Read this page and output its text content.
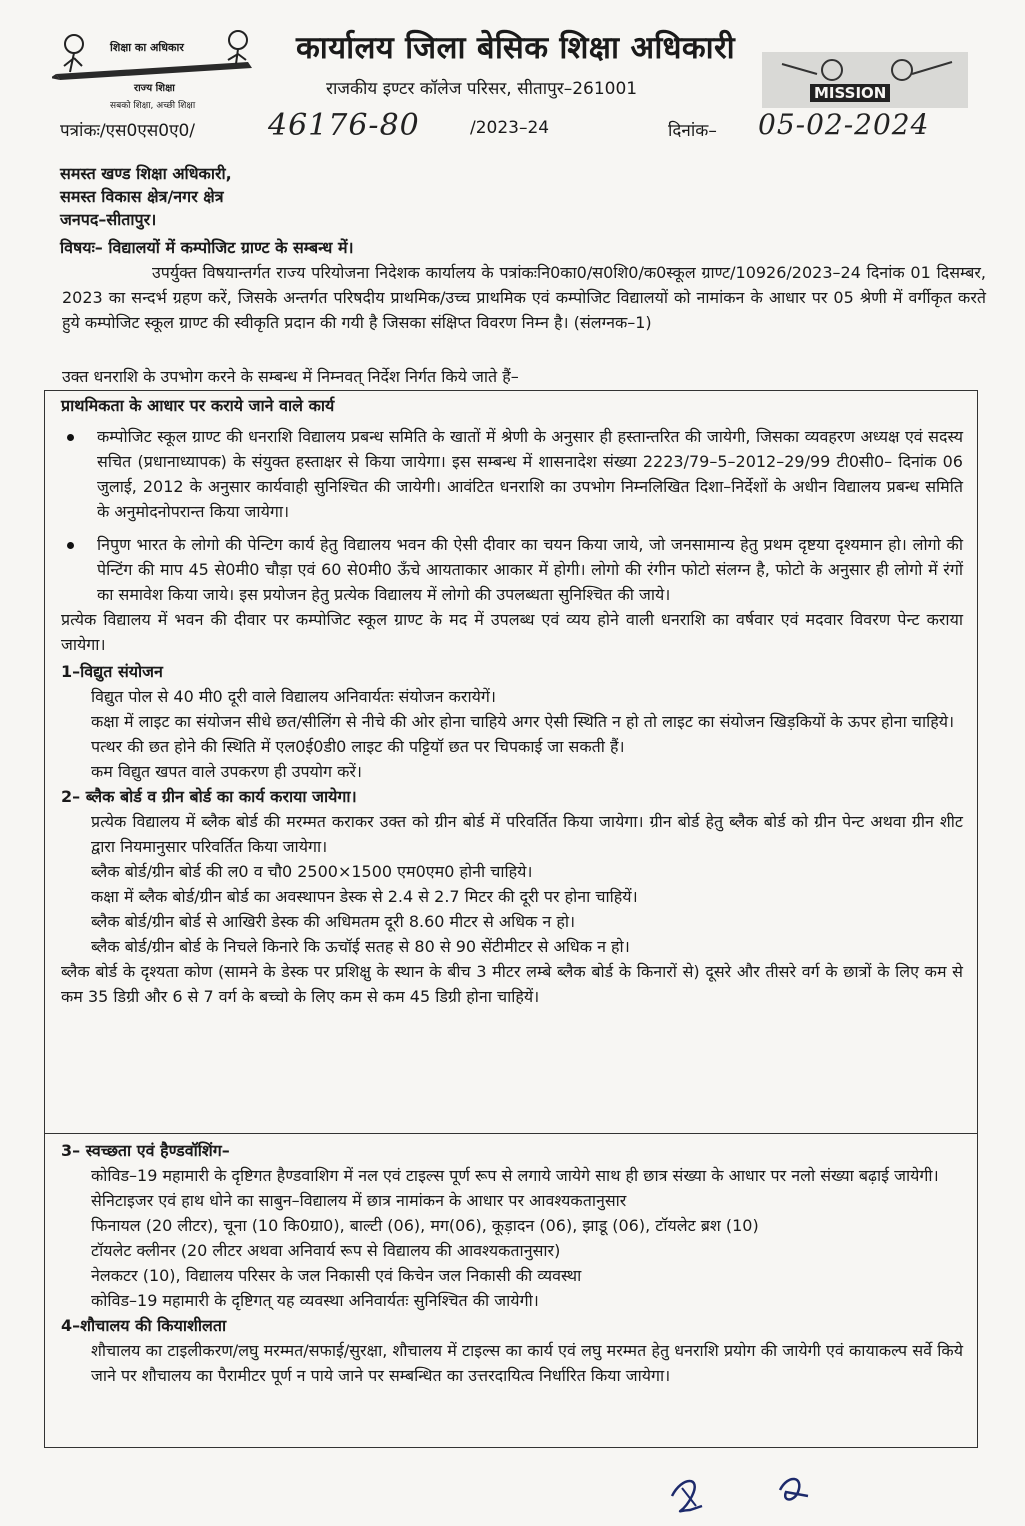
शिक्षा का अधिकार
राज्य शिक्षा
सबको शिक्षा, अच्छी शिक्षा
कार्यालय जिला बेसिक शिक्षा अधिकारी
राजकीय इण्टर कॉलेज परिसर, सीतापुर–261001	MISSION
पत्रांकः/एस0एस0ए0/ 46176-80	/2023–24	दिनांक– 05-02-2024
समस्त खण्ड शिक्षा अधिकारी,
समस्त विकास क्षेत्र/नगर क्षेत्र
जनपद–सीतापुर।
विषयः– विद्यालयों में कम्पोजिट ग्राण्ट के सम्बन्ध में।
उपर्युक्त विषयान्तर्गत राज्य परियोजना निदेशक कार्यालय के पत्रांकःनि0का0/स0शि0/क0स्कूल ग्राण्ट/10926/2023–24 दिनांक 01 दिसम्बर, 2023 का सन्दर्भ ग्रहण करें, जिसके अन्तर्गत परिषदीय प्राथमिक/उच्च प्राथमिक एवं कम्पोजिट विद्यालयों को नामांकन के आधार पर 05 श्रेणी में वर्गीकृत करते हुये कम्पोजिट स्कूल ग्राण्ट की स्वीकृति प्रदान की गयी है जिसका संक्षिप्त विवरण निम्न है। (संलग्नक–1)
उक्त धनराशि के उपभोग करने के सम्बन्ध में निम्नवत् निर्देश निर्गत किये जाते हैं–
प्राथमिकता के आधार पर कराये जाने वाले कार्य
कम्पोजिट स्कूल ग्राण्ट की धनराशि विद्यालय प्रबन्ध समिति के खातों में श्रेणी के अनुसार ही हस्तान्तरित की जायेगी, जिसका व्यवहरण अध्यक्ष एवं सदस्य सचित (प्रधानाध्यापक) के संयुक्त हस्ताक्षर से किया जायेगा। इस सम्बन्ध में शासनादेश संख्या 2223/79–5–2012–29/99 टी0सी0– दिनांक 06 जुलाई, 2012 के अनुसार कार्यवाही सुनिश्चित की जायेगी। आवंटित धनराशि का उपभोग निम्नलिखित दिशा–निर्देशों के अधीन विद्यालय प्रबन्ध समिति के अनुमोदनोपरान्त किया जायेगा।
निपुण भारत के लोगो की पेन्टिग कार्य हेतु विद्यालय भवन की ऐसी दीवार का चयन किया जाये, जो जनसामान्य हेतु प्रथम दृष्टया दृश्यमान हो। लोगो की पेन्टिंग की माप 45 से0मी0 चौड़ा एवं 60 से0मी0 ऊँचे आयताकार आकार में होगी। लोगो की रंगीन फोटो संलग्न है, फोटो के अनुसार ही लोगो में रंगों का समावेश किया जाये। इस प्रयोजन हेतु प्रत्येक विद्यालय में लोगो की उपलब्धता सुनिश्चित की जाये।
प्रत्येक विद्यालय में भवन की दीवार पर कम्पोजिट स्कूल ग्राण्ट के मद में उपलब्ध एवं व्यय होने वाली धनराशि का वर्षवार एवं मदवार विवरण पेन्ट कराया जायेगा।
1–विद्युत संयोजन
विद्युत पोल से 40 मी0 दूरी वाले विद्यालय अनिवार्यतः संयोजन करायेगें।
कक्षा में लाइट का संयोजन सीधे छत/सीलिंग से नीचे की ओर होना चाहिये अगर ऐसी स्थिति न हो तो लाइट का संयोजन खिड़कियों के ऊपर होना चाहिये।
पत्थर की छत होने की स्थिति में एल0ई0डी0 लाइट की पट्टियॉ छत पर चिपकाई जा सकती हैं।
कम विद्युत खपत वाले उपकरण ही उपयोग करें।
2– ब्लैक बोर्ड व ग्रीन बोर्ड का कार्य कराया जायेगा।
प्रत्येक विद्यालय में ब्लैक बोर्ड की मरम्मत कराकर उक्त को ग्रीन बोर्ड में परिवर्तित किया जायेगा। ग्रीन बोर्ड हेतु ब्लैक बोर्ड को ग्रीन पेन्ट अथवा ग्रीन शीट द्वारा नियमानुसार परिवर्तित किया जायेगा।
ब्लैक बोर्ड/ग्रीन बोर्ड की ल0 व चौ0 2500×1500 एम0एम0 होनी चाहिये।
कक्षा में ब्लैक बोर्ड/ग्रीन बोर्ड का अवस्थापन डेस्क से 2.4 से 2.7 मिटर की दूरी पर होना चाहियें।
ब्लैक बोर्ड/ग्रीन बोर्ड से आखिरी डेस्क की अधिमतम दूरी 8.60 मीटर से अधिक न हो।
ब्लैक बोर्ड/ग्रीन बोर्ड के निचले किनारे कि ऊचॉई सतह से 80 से 90 सेंटीमीटर से अधिक न हो।
ब्लैक बोर्ड के दृश्यता कोण (सामने के डेस्क पर प्रशिक्षु के स्थान के बीच 3 मीटर लम्बे ब्लैक बोर्ड के किनारों से) दूसरे और तीसरे वर्ग के छात्रों के लिए कम से कम 35 डिग्री और 6 से 7 वर्ग के बच्चो के लिए कम से कम 45 डिग्री होना चाहियें।
3– स्वच्छता एवं हैण्डवॉशिंग–
कोविड–19 महामारी के दृष्टिगत हैण्डवाशिग में नल एवं टाइल्स पूर्ण रूप से लगाये जायेगे साथ ही छात्र संख्या के आधार पर नलो संख्या बढ़ाई जायेगी।
सेनिटाइजर एवं हाथ धोने का साबुन–विद्यालय में छात्र नामांकन के आधार पर आवश्यकतानुसार
फिनायल (20 लीटर), चूना (10 कि0ग्रा0), बाल्टी (06), मग(06), कूड़ादन (06), झाडू (06), टॉयलेट ब्रश (10)
टॉयलेट क्लीनर (20 लीटर अथवा अनिवार्य रूप से विद्यालय की आवश्यकतानुसार)
नेलकटर (10), विद्यालय परिसर के जल निकासी एवं किचेन जल निकासी की व्यवस्था
कोविड–19 महामारी के दृष्टिगत् यह व्यवस्था अनिवार्यतः सुनिश्चित की जायेगी।
4–शौचालय की कियाशीलता
शौचालय का टाइलीकरण/लघु मरम्मत/सफाई/सुरक्षा, शौचालय में टाइल्स का कार्य एवं लघु मरम्मत हेतु धनराशि प्रयोग की जायेगी एवं कायाकल्प सर्वे किये जाने पर शौचालय का पैरामीटर पूर्ण न पाये जाने पर सम्बन्धित का उत्तरदायित्व निर्धारित किया जायेगा।
